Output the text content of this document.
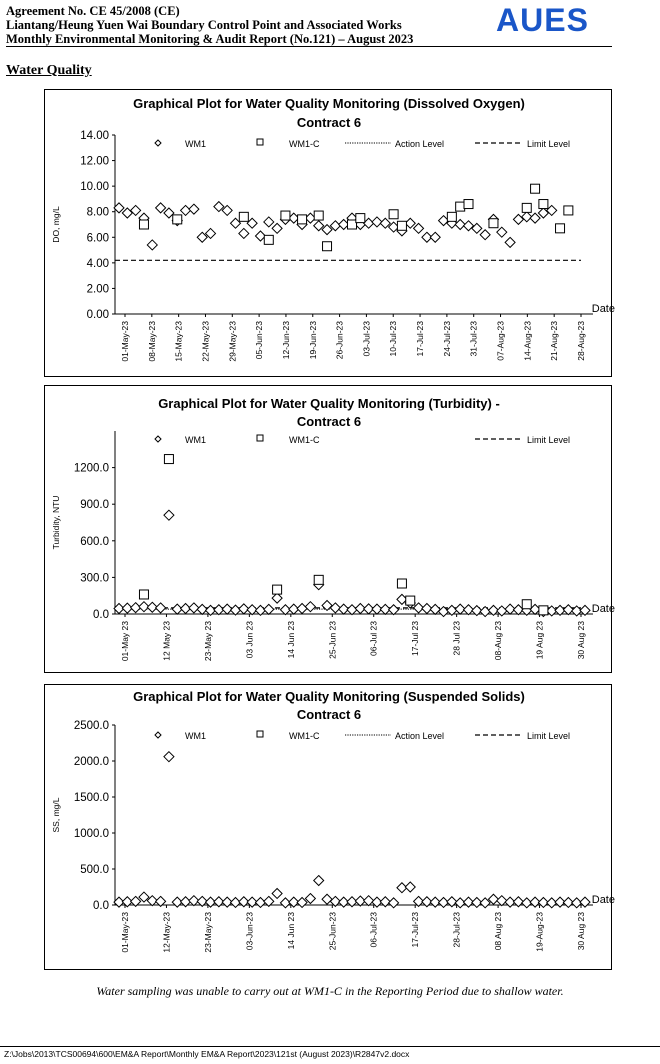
Agreement No. CE 45/2008 (CE)
Liantang/Heung Yuen Wai Boundary Control Point and Associated Works
Monthly Environmental Monitoring & Audit Report (No.121) – August 2023
AUES
Water Quality
Graphical Plot for Water Quality Monitoring (Dissolved Oxygen)
Contract 6
0.00
2.00
4.00
6.00
8.00
10.00
12.00
14.00
DO, mg/L
Date
01-May-23 08-May-23 15-May-23 22-May-23 29-May-23 05-Jun-23 12-Jun-23 19-Jun-23 26-Jun-23 03-Jul-23 10-Jul-23 17-Jul-23 24-Jul-23 31-Jul-23 07-Aug-23 14-Aug-23 21-Aug-23 28-Aug-23
WM1	WM1-C	Action Level	Limit Level
Graphical Plot for Water Quality Monitoring (Turbidity) -
Contract 6
0.0
300.0
600.0
900.0
1200.0
Turbidity, NTU
Date
01-May 23	12 May 23	23-May 23	03 Jun 23	14 Jun 23	25-Jun 23	06-Jul 23	17-Jul 23	28 Jul 23	08-Aug 23	19 Aug 23	30 Aug 23
WM1	WM1-C	Limit Level
Graphical Plot for Water Quality Monitoring (Suspended Solids)
Contract 6
0.0
500.0
1000.0
1500.0
2000.0
2500.0
SS, mg/L
Date
01-May-23	12-May-23	23-May-23	03-Jun-23	14 Jun 23	25-Jun-23	06-Jul-23	17-Jul-23	28-Jul-23	08 Aug 23	19-Aug-23	30 Aug 23
WM1	WM1-C	Action Level	Limit Level
Water sampling was unable to carry out at WM1-C in the Reporting Period due to shallow water.
Z:\Jobs\2013\TCS00694\600\EM&A Report\Monthly EM&A Report\2023\121st (August 2023)\R2847v2.docx
